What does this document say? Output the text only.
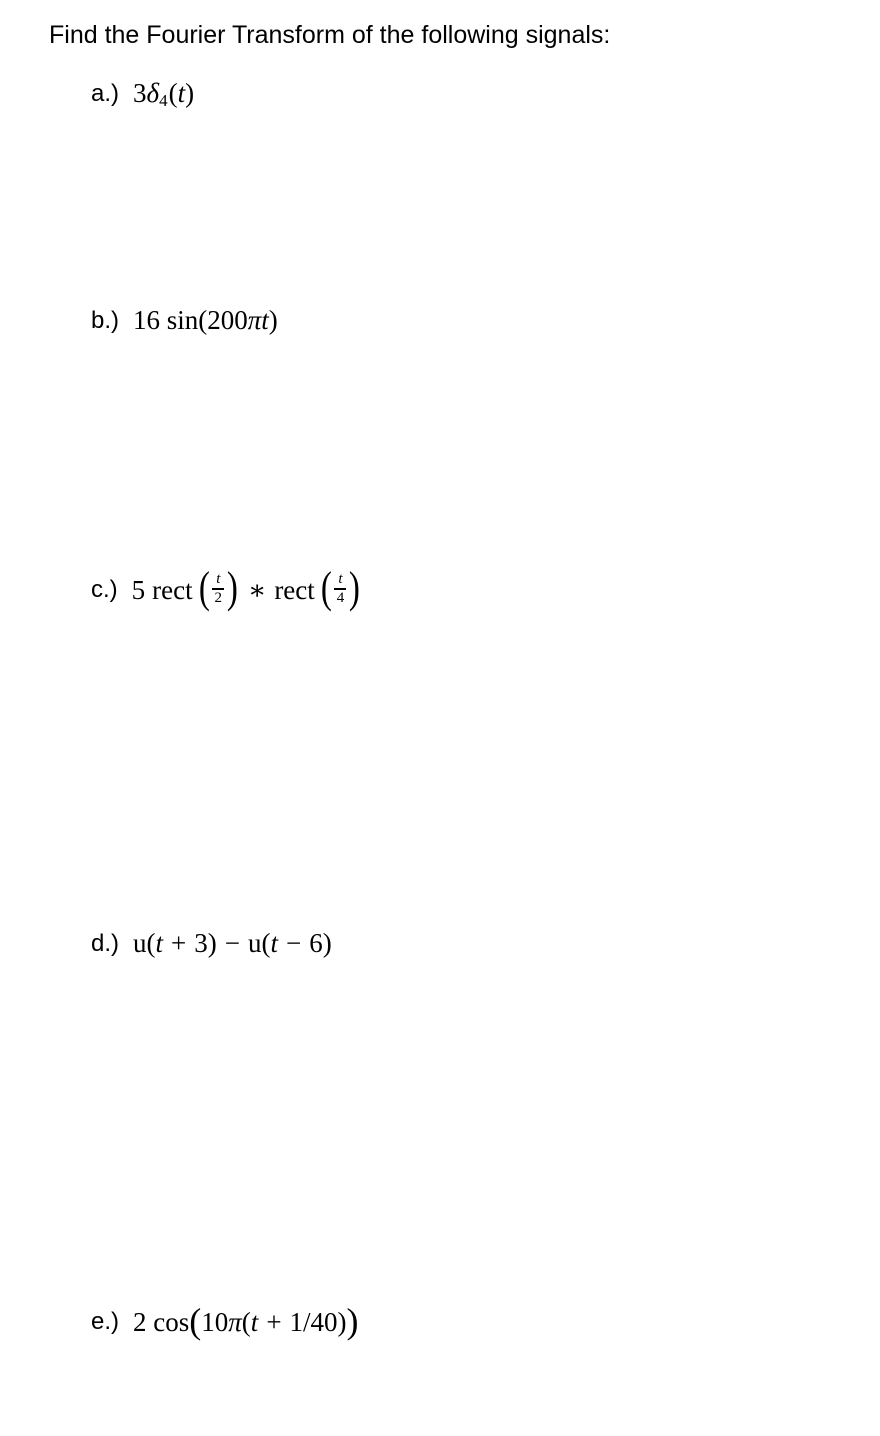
Find the Fourier Transform of the following signals:
a.) 3 δ 4 ( t )
b.) 16 sin(200 πt )
c.) 5 rect ( $\frac{t}{2}$ ) ∗ rect ( $\frac{t}{4}$ )
d.) u( t + 3) − u( t − 6)
e.) 2 cos ( 10 π ( t + 1/40) )
